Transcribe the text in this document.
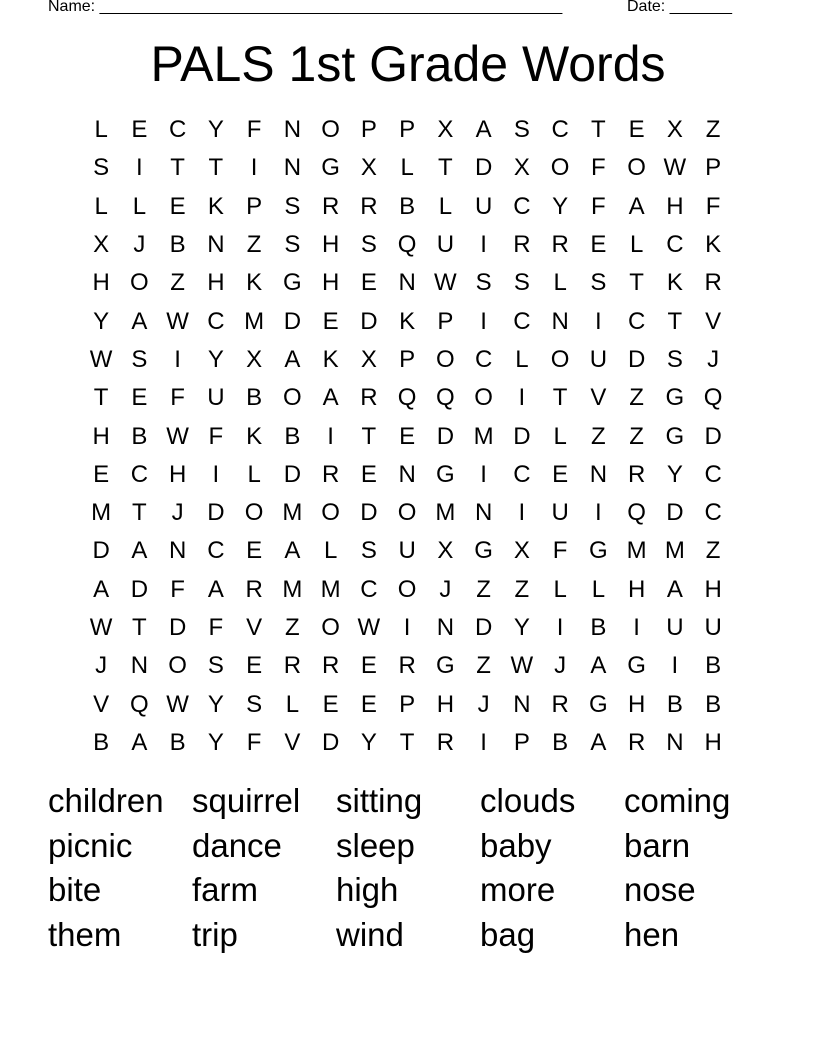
Name: ____________________________________________________	Date: _______
PALS 1st Grade Words
L E C Y F N O P P X A S C T E X Z
S	I	T T	I	N G X L	T D X O F O W P
L	L E K P S R R B L U C Y F A H F
X	J	B N Z S H S Q U	I	R R E L C K
H O Z H K G H E N W S S L S T K R
Y A W C M D E D K P	I	C N	I	C T V
W S	I	Y X A K X P O C L O U D S	J
T E F U B O A R Q Q O	I	T V Z G Q
H B W F K B	I	T E D M D L	Z Z G D
E C H	I	L D R E N G	I	C E N R Y C
M T	J D O M O D O M N	I	U	I	Q D C
D A N C E A L S U X G X F G M M Z
A D F A R M M C O J	Z Z	L	L H A H
W T D F V Z O W I	N D Y	I	B	I	U U
J N O S E R R E R G Z W J	A G	I	B
V Q W Y S L E E P H J N R G H B B
B A B Y F V D Y T R	I	P B A R N H
children squirrel	sitting	clouds	coming
picnic	dance	sleep	baby	barn
bite	farm	high	more	nose
them	trip	wind	bag	hen
